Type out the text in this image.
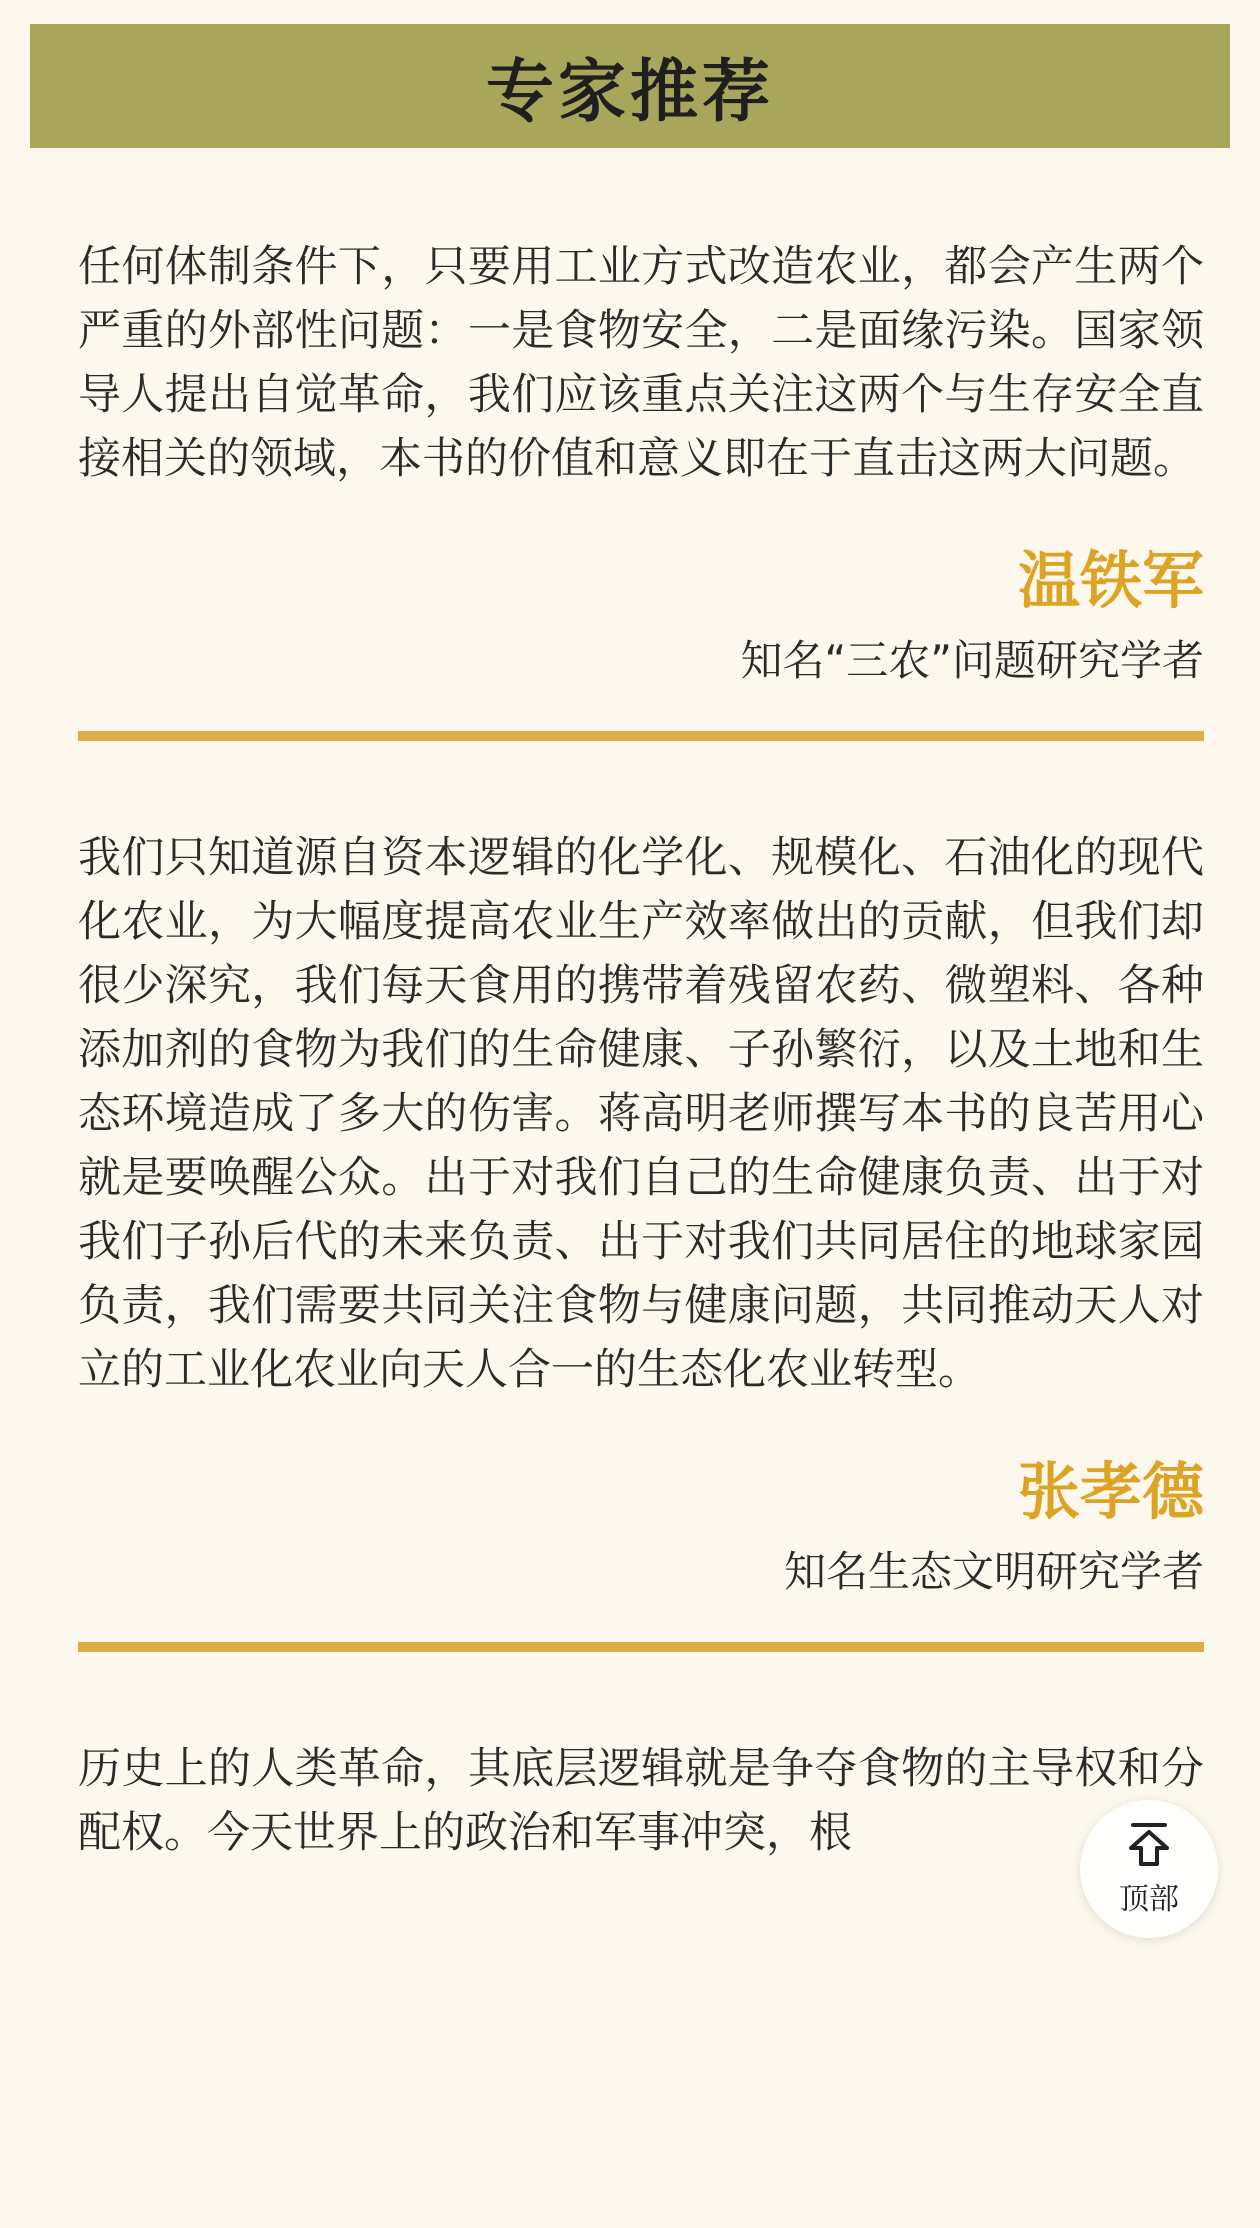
专家推荐

任何体制条件下，只要用工业方式改造农业，都会产生两个严重的外部性问题：一是食物安全，二是面缘污染。国家领导人提出自觉革命，我们应该重点关注这两个与生存安全直接相关的领域，本书的价值和意义即在于直击这两大问题。

温铁军
知名“三农”问题研究学者

我们只知道源自资本逻辑的化学化、规模化、石油化的现代化农业，为大幅度提高农业生产效率做出的贡献，但我们却很少深究，我们每天食用的携带着残留农药、微塑料、各种添加剂的食物为我们的生命健康、子孙繁衍，以及土地和生态环境造成了多大的伤害。蒋高明老师撰写本书的良苦用心就是要唤醒公众。出于对我们自己的生命健康负责、出于对我们子孙后代的未来负责、出于对我们共同居住的地球家园负责，我们需要共同关注食物与健康问题，共同推动天人对立的工业化农业向天人合一的生态化农业转型。

张孝德
知名生态文明研究学者

历史上的人类革命，其底层逻辑就是争夺食物的主导权和分配权。今天世界上的政治和军事冲突，根

顶部
